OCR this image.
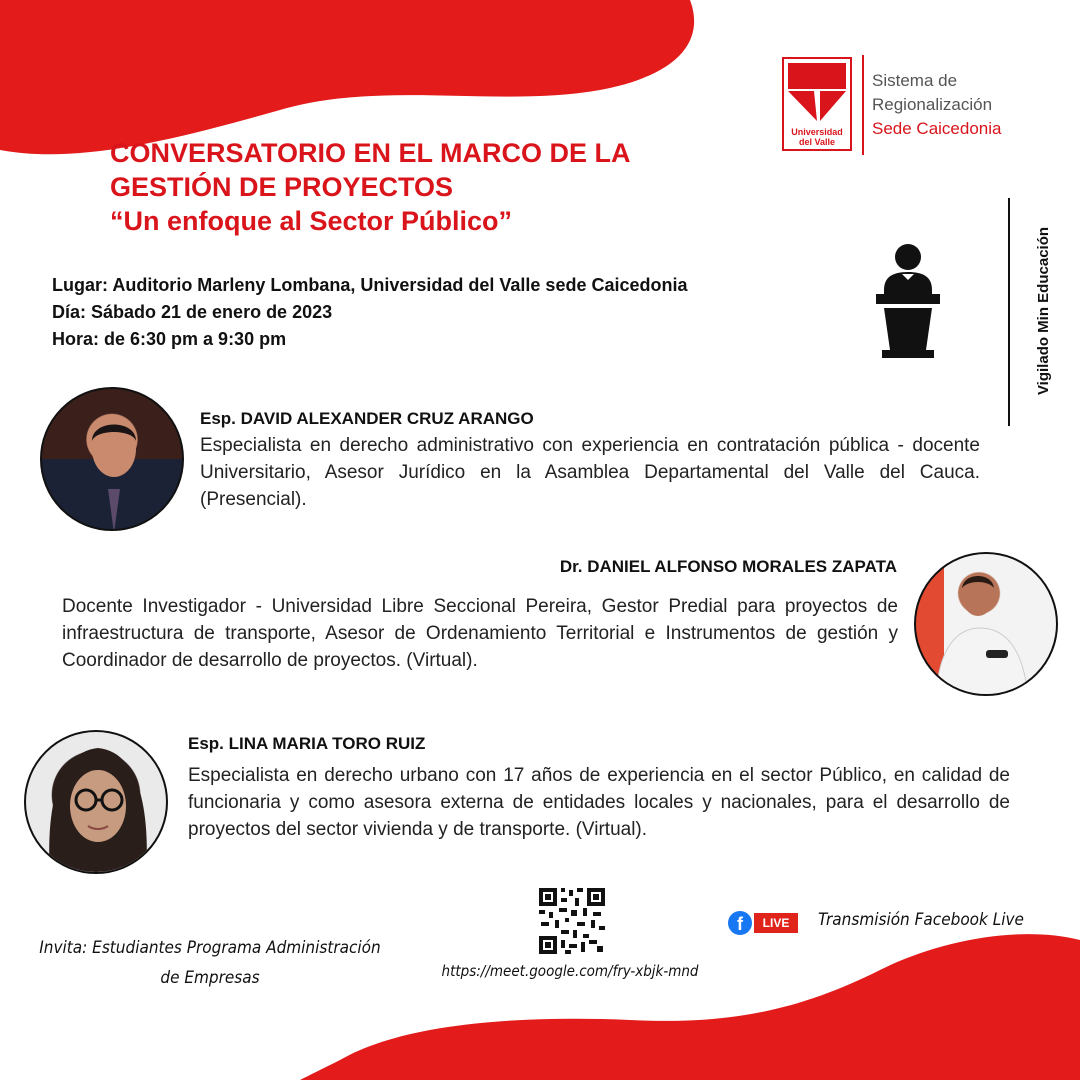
Universidad del Valle
Sistema de
Regionalización
Sede Caicedonia
Vigilado Min Educación
CONVERSATORIO EN EL MARCO DE LA
GESTIÓN DE PROYECTOS
“Un enfoque al Sector Público”
Lugar: Auditorio Marleny Lombana, Universidad del Valle sede Caicedonia
Día: Sábado 21 de enero de 2023
Hora: de 6:30 pm a 9:30 pm
Esp. DAVID ALEXANDER CRUZ ARANGO
Especialista en derecho administrativo con experiencia en contratación pública - docente Universitario, Asesor Jurídico en la Asamblea Departamental del Valle del Cauca. (Presencial).
Dr. DANIEL ALFONSO MORALES ZAPATA
Docente Investigador - Universidad Libre Seccional Pereira, Gestor Predial para proyectos de infraestructura de transporte, Asesor de Ordenamiento Territorial e Instrumentos de gestión y Coordinador de desarrollo de proyectos. (Virtual).
Esp. LINA MARIA TORO RUIZ
Especialista en derecho urbano con 17 años de experiencia en el sector Público, en calidad de funcionaria y como asesora externa de entidades locales y nacionales, para el desarrollo de proyectos del sector vivienda y de transporte. (Virtual).
Invita: Estudiantes Programa Administración
de Empresas	https://meet.google.com/fry-xbjk-mnd
f	LIVE	Transmisión Facebook Live
